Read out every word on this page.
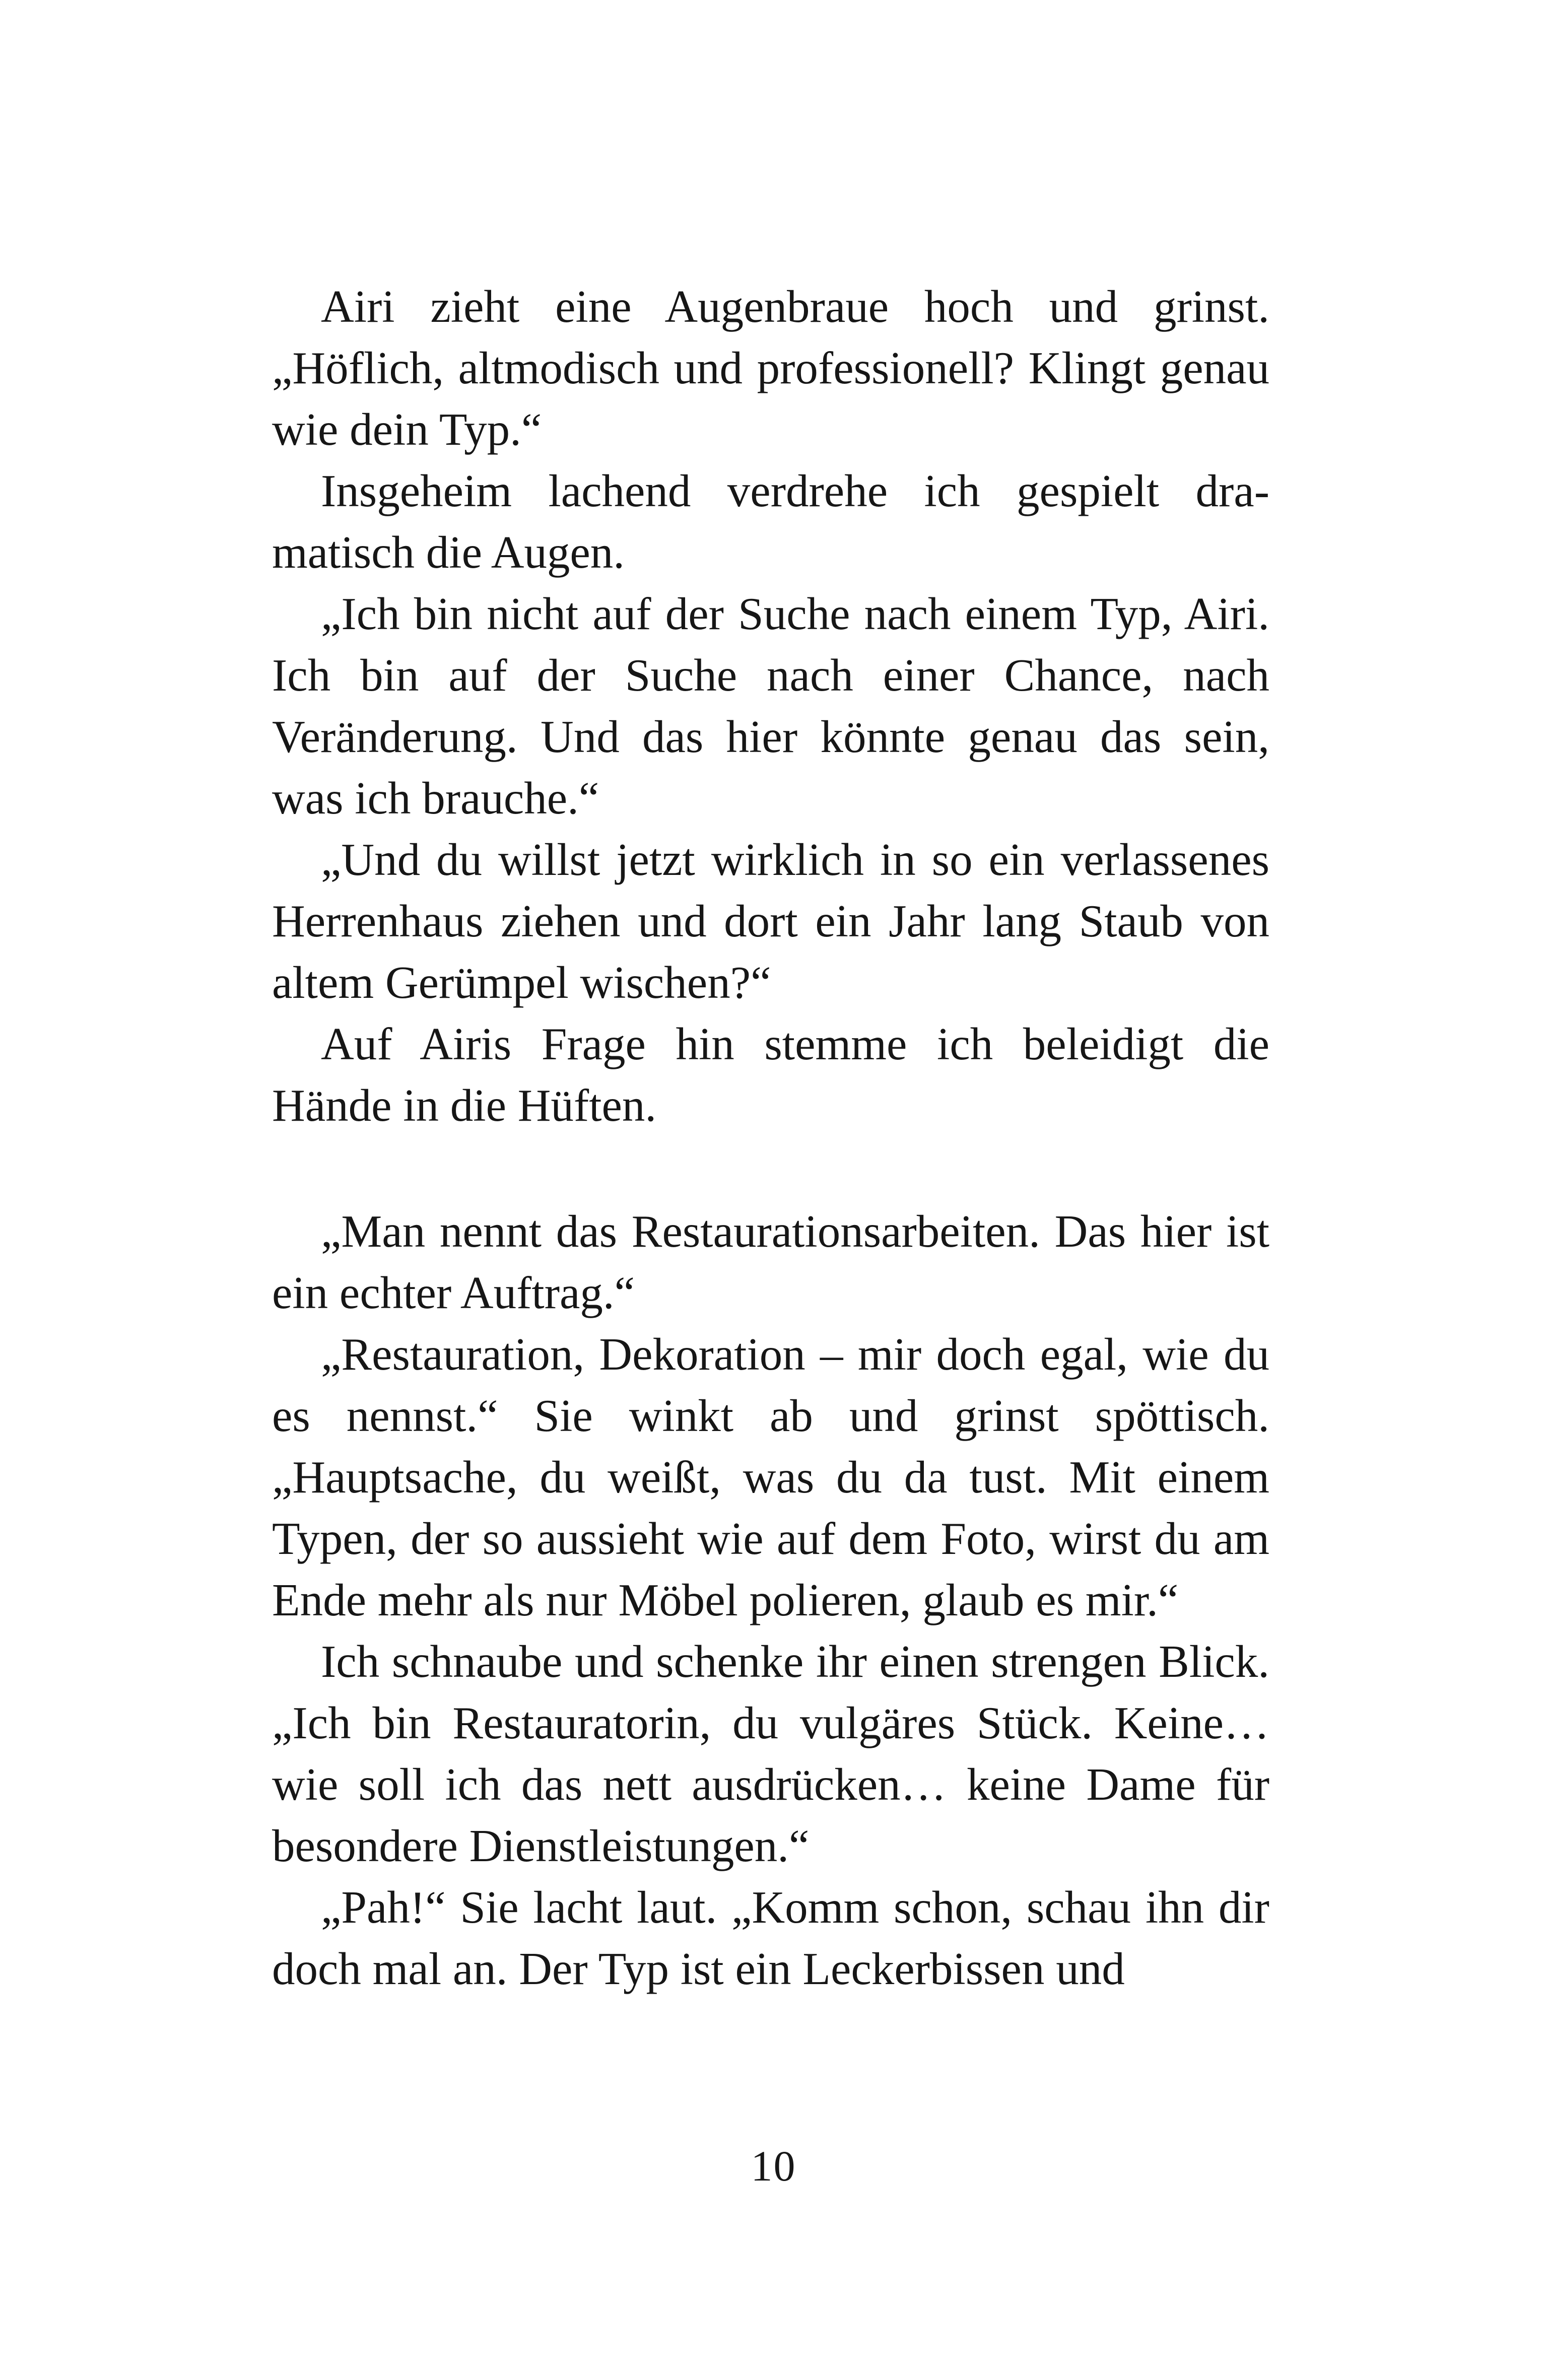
Airi zieht eine Augenbraue hoch und grinst. „Höflich, altmodisch und professionell? Klingt genau wie dein Typ.“

Insgeheim lachend verdrehe ich gespielt dramatisch die Augen.

„Ich bin nicht auf der Suche nach einem Typ, Airi. Ich bin auf der Suche nach einer Chance, nach Veränderung. Und das hier könnte genau das sein, was ich brauche.“

„Und du willst jetzt wirklich in so ein verlassenes Herrenhaus ziehen und dort ein Jahr lang Staub von altem Gerümpel wischen?“

Auf Airis Frage hin stemme ich beleidigt die Hände in die Hüften.

„Man nennt das Restaurationsarbeiten. Das hier ist ein echter Auftrag.“

„Restauration, Dekoration – mir doch egal, wie du es nennst.“ Sie winkt ab und grinst spöttisch. „Hauptsache, du weißt, was du da tust. Mit einem Typen, der so aussieht wie auf dem Foto, wirst du am Ende mehr als nur Möbel polieren, glaub es mir.“

Ich schnaube und schenke ihr einen strengen Blick. „Ich bin Restauratorin, du vulgäres Stück. Keine… wie soll ich das nett ausdrücken… keine Dame für besondere Dienstleistungen.“

„Pah!“ Sie lacht laut. „Komm schon, schau ihn dir doch mal an. Der Typ ist ein Leckerbissen und

10
